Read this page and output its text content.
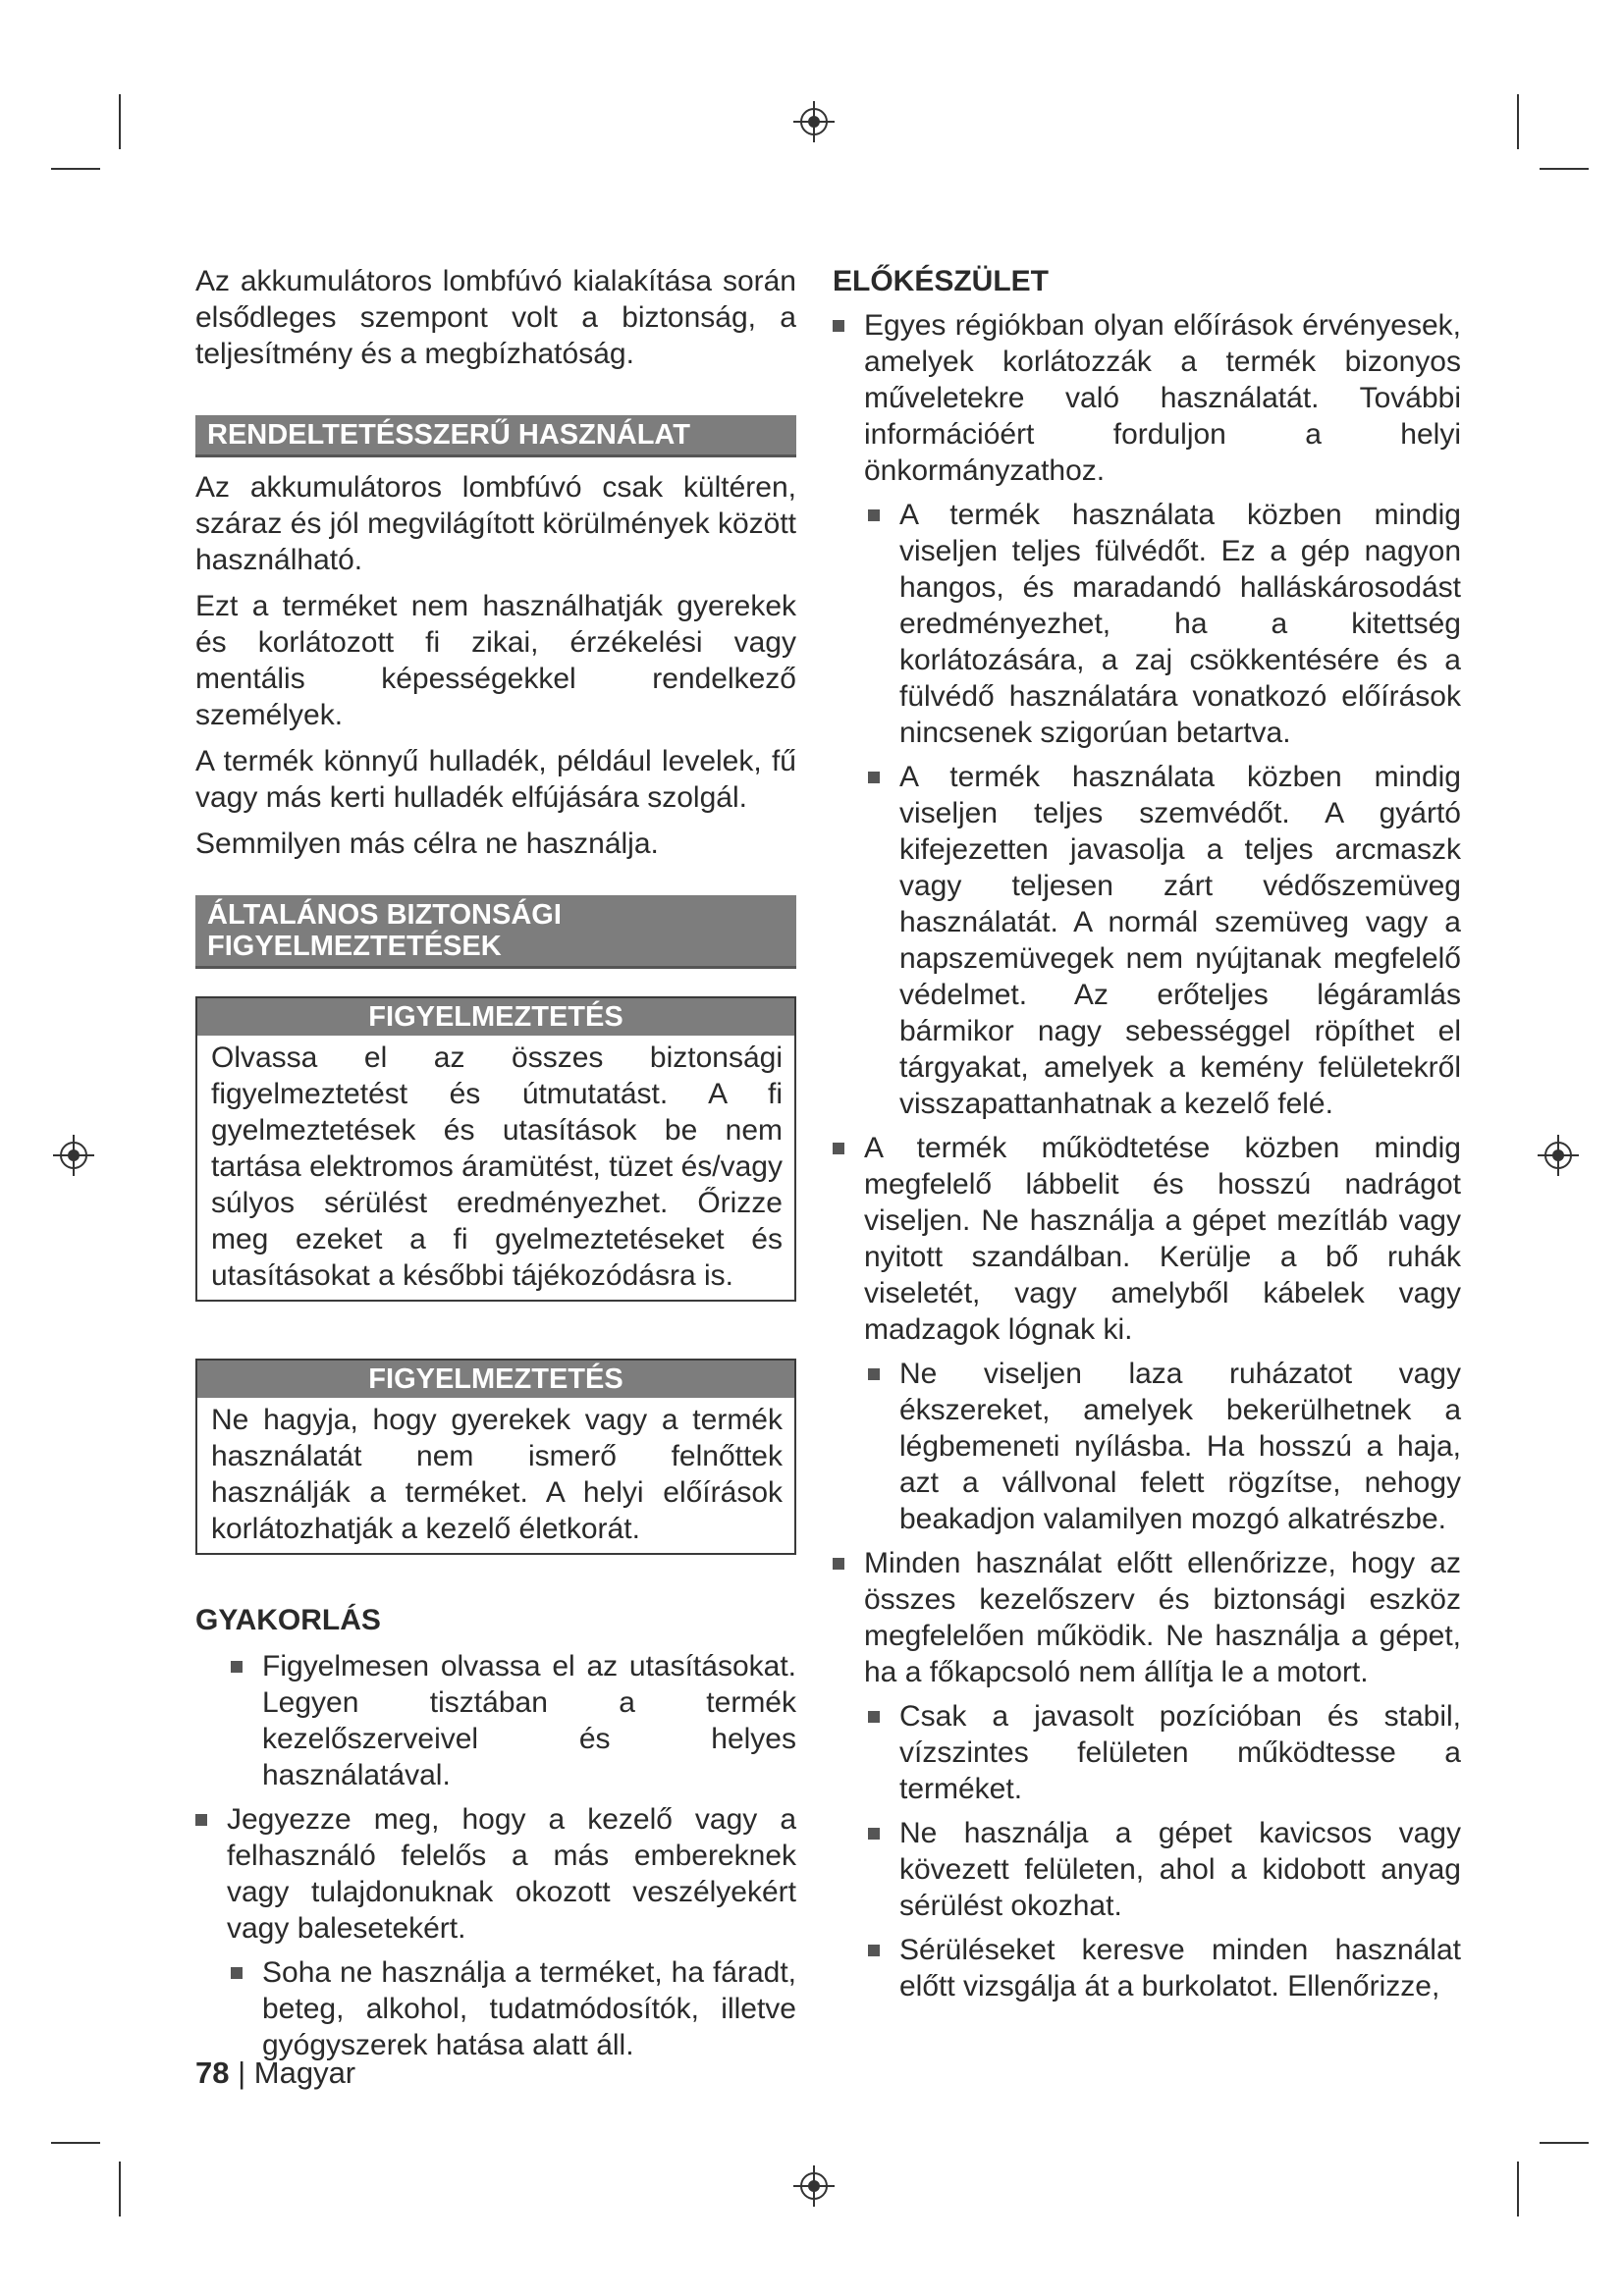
Az akkumulátoros lombfúvó kialakítása során elsődleges szempont volt a biztonság, a teljesítmény és a megbízhatóság.

RENDELTETÉSSZERŰ HASZNÁLAT

Az akkumulátoros lombfúvó csak kültéren, száraz és jól megvilágított körülmények között használható.

Ezt a terméket nem használhatják gyerekek és korlátozott fi zikai, érzékelési vagy mentális képességekkel rendelkező személyek.

A termék könnyű hulladék, például levelek, fű vagy más kerti hulladék elfújására szolgál.

Semmilyen más célra ne használja.

ÁLTALÁNOS BIZTONSÁGI FIGYELMEZTETÉSEK
FIGYELMEZTETÉS
Olvassa el az összes biztonsági figyelmeztetést és útmutatást. A fi gyelmeztetések és utasítások be nem tartása elektromos áramütést, tüzet és/vagy súlyos sérülést eredményezhet. Őrizze meg ezeket a fi gyelmeztetéseket és utasításokat a későbbi tájékozódásra is.
FIGYELMEZTETÉS
Ne hagyja, hogy gyerekek vagy a termék használatát nem ismerő felnőttek használják a terméket. A helyi előírások korlátozhatják a kezelő életkorát.
GYAKORLÁS
Figyelmesen olvassa el az utasításokat. Legyen tisztában a termék kezelőszerveivel és helyes használatával.
Jegyezze meg, hogy a kezelő vagy a felhasználó felelős a más embereknek vagy tulajdonuknak okozott veszélyekért vagy balesetekért.
Soha ne használja a terméket, ha fáradt, beteg, alkohol, tudatmódosítók, illetve gyógyszerek hatása alatt áll.
ELŐKÉSZÜLET
Egyes régiókban olyan előírások érvényesek, amelyek korlátozzák a termék bizonyos műveletekre való használatát. További információért forduljon a helyi önkormányzathoz.
A termék használata közben mindig viseljen teljes fülvédőt. Ez a gép nagyon hangos, és maradandó halláskárosodást eredményezhet, ha a kitettség korlátozására, a zaj csökkentésére és a fülvédő használatára vonatkozó előírások nincsenek szigorúan betartva.
A termék használata közben mindig viseljen teljes szemvédőt. A gyártó kifejezetten javasolja a teljes arcmaszk vagy teljesen zárt védőszemüveg használatát. A normál szemüveg vagy a napszemüvegek nem nyújtanak megfelelő védelmet. Az erőteljes légáramlás bármikor nagy sebességgel röpíthet el tárgyakat, amelyek a kemény felületekről visszapattanhatnak a kezelő felé.
A termék működtetése közben mindig megfelelő lábbelit és hosszú nadrágot viseljen. Ne használja a gépet mezítláb vagy nyitott szandálban. Kerülje a bő ruhák viseletét, vagy amelyből kábelek vagy madzagok lógnak ki.
Ne viseljen laza ruházatot vagy ékszereket, amelyek bekerülhetnek a légbemeneti nyílásba. Ha hosszú a haja, azt a vállvonal felett rögzítse, nehogy beakadjon valamilyen mozgó alkatrészbe.
Minden használat előtt ellenőrizze, hogy az összes kezelőszerv és biztonsági eszköz megfelelően működik. Ne használja a gépet, ha a főkapcsoló nem állítja le a motort.
Csak a javasolt pozícióban és stabil, vízszintes felületen működtesse a terméket.
Ne használja a gépet kavicsos vagy kövezett felületen, ahol a kidobott anyag sérülést okozhat.
Sérüléseket keresve minden használat előtt vizsgálja át a burkolatot. Ellenőrizze,
78 | Magyar
